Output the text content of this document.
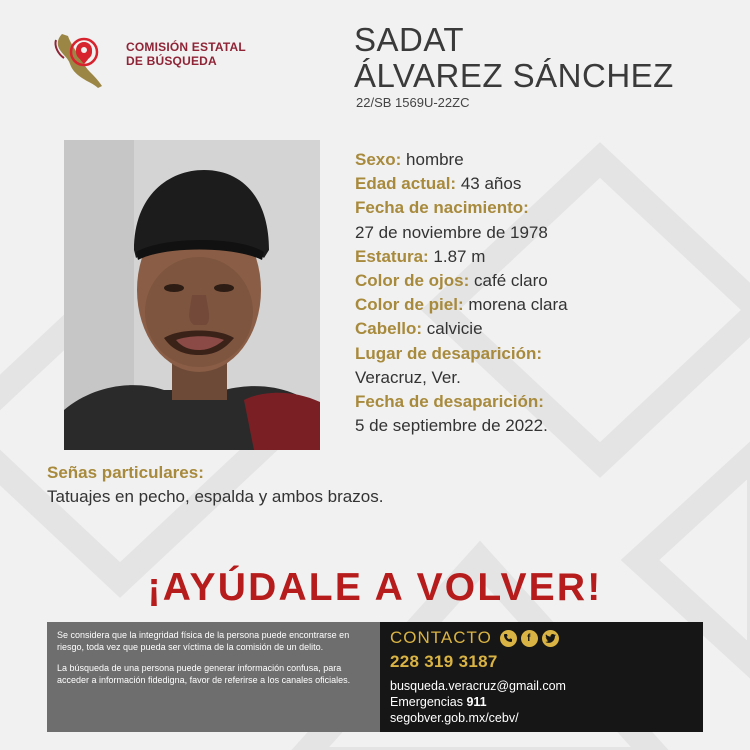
COMISIÓN ESTATAL
DE BÚSQUEDA
SADAT
ÁLVAREZ SÁNCHEZ
22/SB 1569U-22ZC
Sexo: hombre
Edad actual: 43 años
Fecha de nacimiento:
27 de noviembre de 1978
Estatura: 1.87 m
Color de ojos: café claro
Color de piel: morena clara
Cabello: calvicie
Lugar de desaparición:
Veracruz, Ver.
Fecha de desaparición:
5 de septiembre de 2022.
Señas particulares:
Tatuajes en pecho, espalda y ambos brazos.
¡AYÚDALE A VOLVER!

Se considera que la integridad física de la persona puede encontrarse en riesgo, toda vez que pueda ser víctima de la comisión de un delito.

La búsqueda de una persona puede generar información confusa, para acceder a información fidedigna, favor de referirse a los canales oficiales.

CONTACTO	f
228 319 3187
busqueda.veracruz@gmail.com
Emergencias 911
segobver.gob.mx/cebv/
